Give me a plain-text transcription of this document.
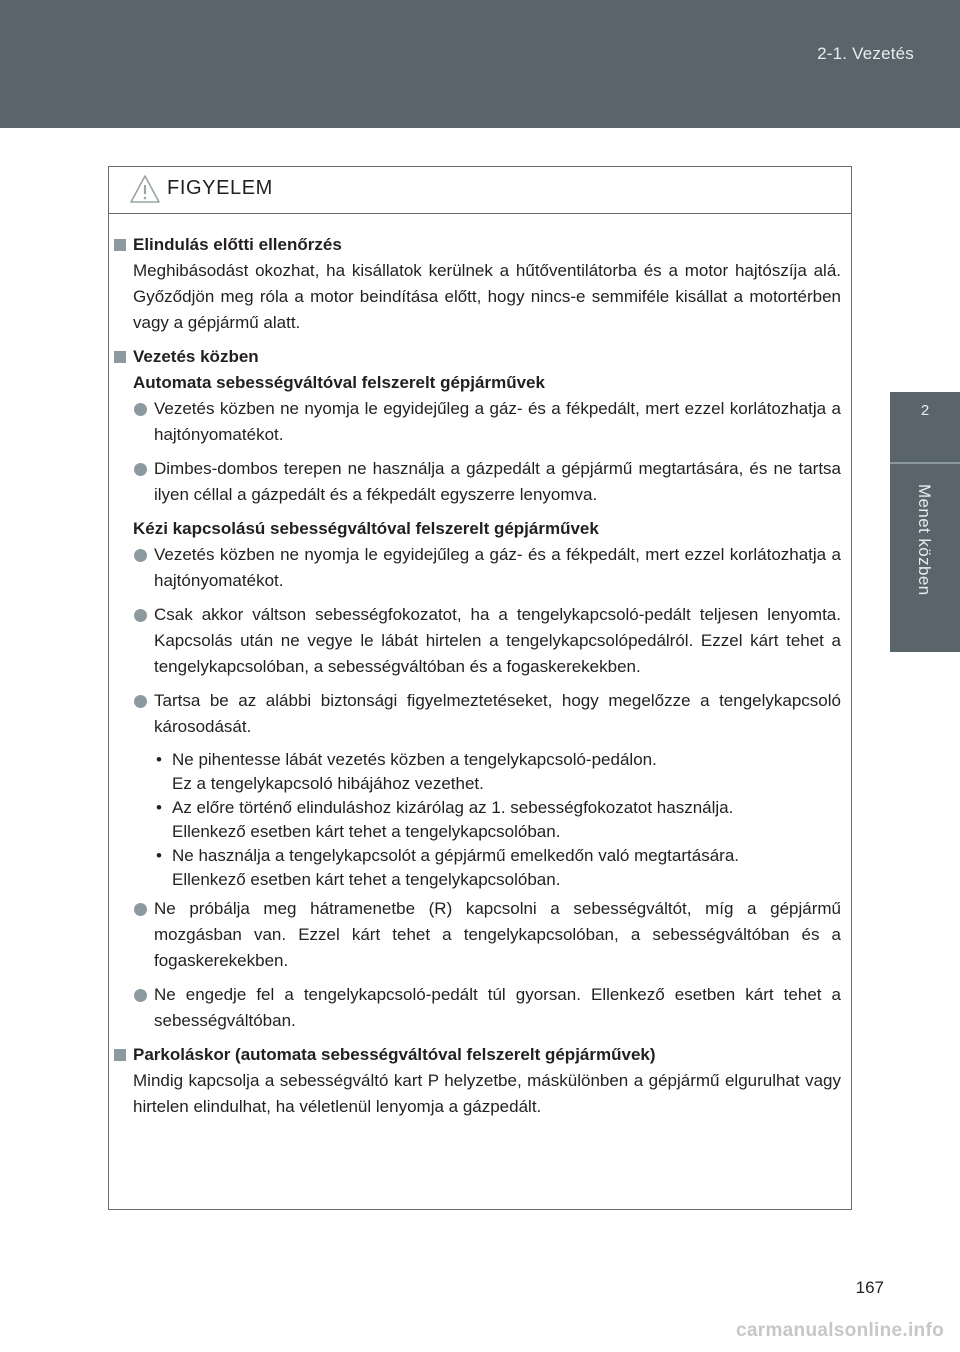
2-1. Vezetés
2
Menet közben
FIGYELEM
Elindulás előtti ellenőrzés
Meghibásodást okozhat, ha kisállatok kerülnek a hűtőventilátorba és a motor hajtószíja alá. Győződjön meg róla a motor beindítása előtt, hogy nincs-e semmiféle kisállat a motortérben vagy a gépjármű alatt.
Vezetés közben
Automata sebességváltóval felszerelt gépjárművek
Vezetés közben ne nyomja le egyidejűleg a gáz- és a fékpedált, mert ezzel korlátozhatja a hajtónyomatékot.
Dimbes-dombos terepen ne használja a gázpedált a gépjármű megtartására, és ne tartsa ilyen céllal a gázpedált és a fékpedált egyszerre lenyomva.
Kézi kapcsolású sebességváltóval felszerelt gépjárművek
Vezetés közben ne nyomja le egyidejűleg a gáz- és a fékpedált, mert ezzel korlátozhatja a hajtónyomatékot.
Csak akkor váltson sebességfokozatot, ha a tengelykapcsoló-pedált teljesen lenyomta. Kapcsolás után ne vegye le lábát hirtelen a tengelykapcsolópedálról. Ezzel kárt tehet a tengelykapcsolóban, a sebességváltóban és a fogaskerekekben.
Tartsa be az alábbi biztonsági figyelmeztetéseket, hogy megelőzze a tengelykapcsoló károsodását.
• Ne pihentesse lábát vezetés közben a tengelykapcsoló-pedálon.
Ez a tengelykapcsoló hibájához vezethet.
• Az előre történő elinduláshoz kizárólag az 1. sebességfokozatot használja.
Ellenkező esetben kárt tehet a tengelykapcsolóban.
• Ne használja a tengelykapcsolót a gépjármű emelkedőn való megtartására.
Ellenkező esetben kárt tehet a tengelykapcsolóban.
Ne próbálja meg hátramenetbe (R) kapcsolni a sebességváltót, míg a gépjármű mozgásban van. Ezzel kárt tehet a tengelykapcsolóban, a sebességváltóban és a fogaskerekekben.
Ne engedje fel a tengelykapcsoló-pedált túl gyorsan. Ellenkező esetben kárt tehet a sebességváltóban.
Parkoláskor (automata sebességváltóval felszerelt gépjárművek)
Mindig kapcsolja a sebességváltó kart P helyzetbe, máskülönben a gépjármű elgurulhat vagy hirtelen elindulhat, ha véletlenül lenyomja a gázpedált.
167
carmanualsonline.info
